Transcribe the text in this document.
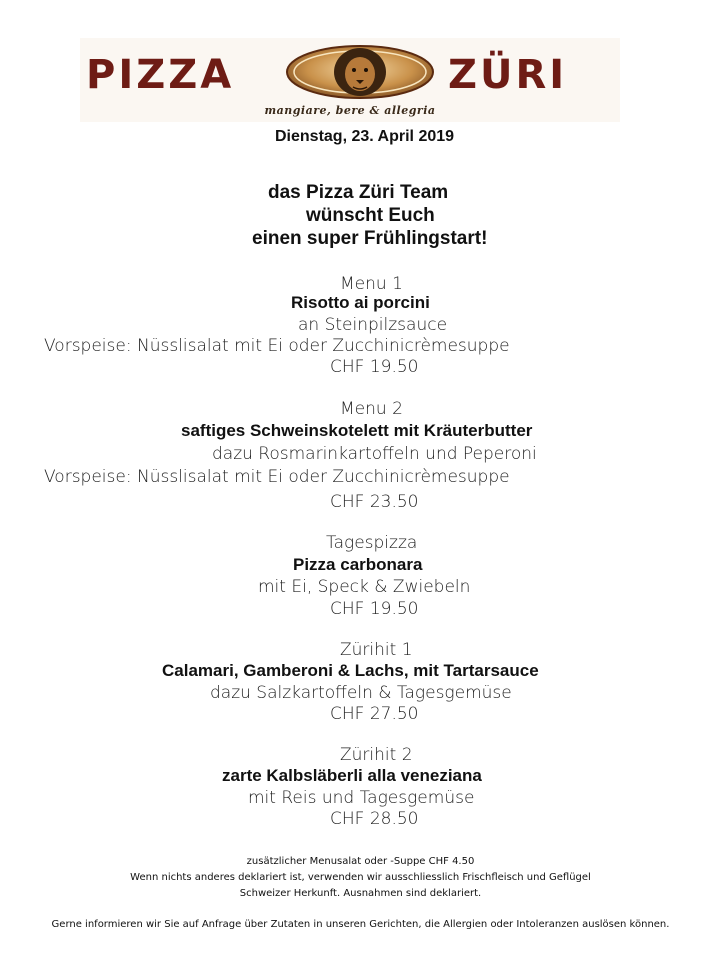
PIZZA	ZÜRI
mangiare, bere & allegria
Dienstag, 23. April 2019
das Pizza Züri Team
wünscht Euch
einen super Frühlingstart!
Menu 1
Risotto ai porcini
an Steinpilzsauce
Vorspeise: Nüsslisalat mit Ei oder Zucchinicrèmesuppe
CHF 19.50
Menu 2
saftiges Schweinskotelett mit Kräuterbutter
dazu Rosmarinkartoffeln und Peperoni
Vorspeise: Nüsslisalat mit Ei oder Zucchinicrèmesuppe
CHF 23.50
Tagespizza
Pizza carbonara
mit Ei, Speck & Zwiebeln
CHF 19.50
Zürihit 1
Calamari, Gamberoni & Lachs, mit Tartarsauce
dazu Salzkartoffeln & Tagesgemüse
CHF 27.50
Zürihit 2
zarte Kalbsläberli alla veneziana
mit Reis und Tagesgemüse
CHF 28.50
zusätzlicher Menusalat oder -Suppe CHF 4.50
Wenn nichts anderes deklariert ist, verwenden wir ausschliesslich Frischfleisch und Geflügel
Schweizer Herkunft. Ausnahmen sind deklariert.
Gerne informieren wir Sie auf Anfrage über Zutaten in unseren Gerichten, die Allergien oder Intoleranzen auslösen können.
